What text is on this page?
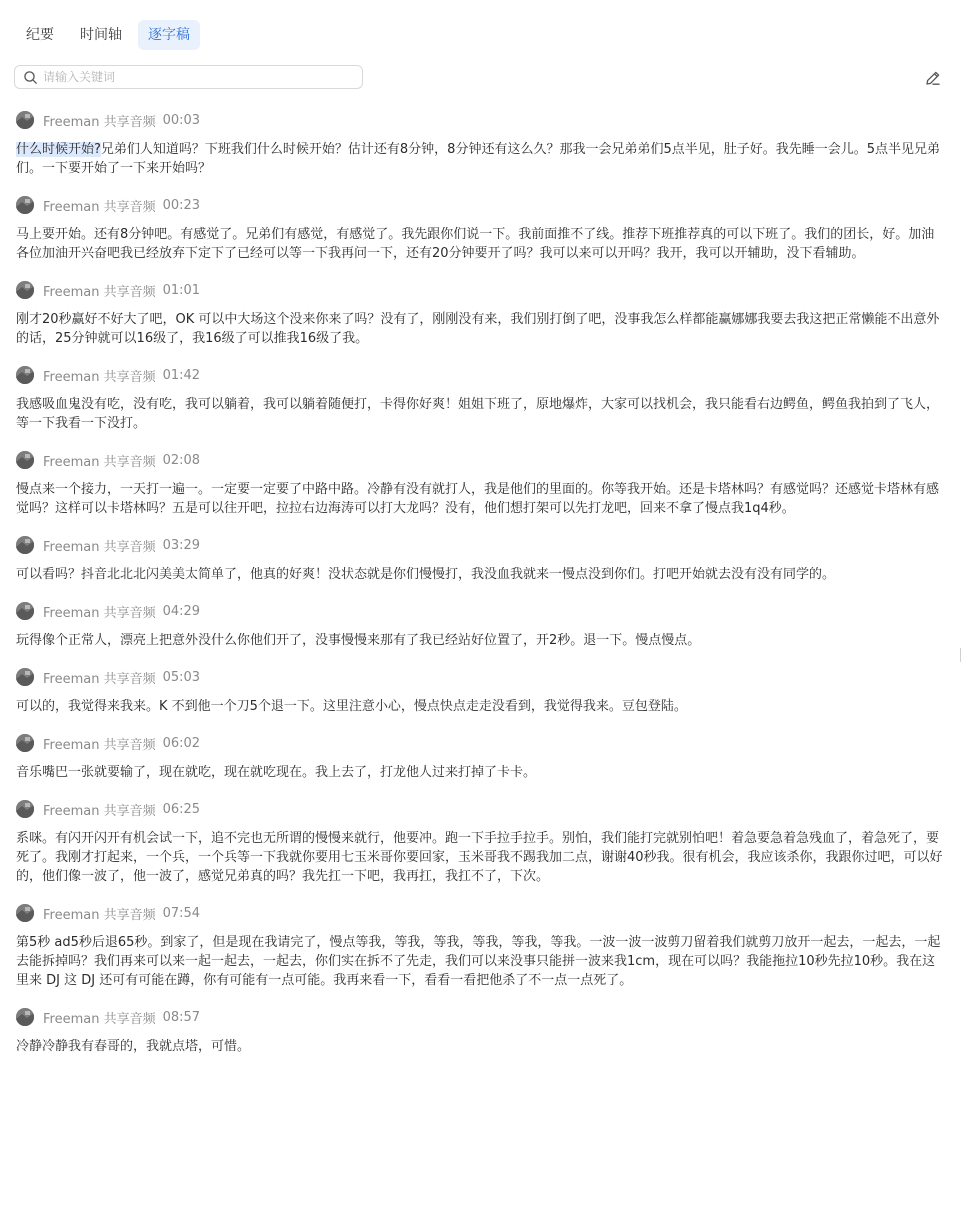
纪要	时间轴	逐字稿
请输入关键词
Freeman 共享音频 00:03

什么时候开始?兄弟们人知道吗？下班我们什么时候开始？估计还有8分钟，8分钟还有这么久？那我一会兄弟弟们5点半见，肚子好。我先睡一会儿。5点半见兄弟们。一下要开始了一下来开始吗？

Freeman 共享音频 00:23

马上要开始。还有8分钟吧。有感觉了。兄弟们有感觉，有感觉了。我先跟你们说一下。我前面推不了线。推荐下班推荐真的可以下班了。我们的团长，好。加油各位加油开兴奋吧我已经放弃下定下了已经可以等一下我再问一下，还有20分钟要开了吗？我可以来可以开吗？我开，我可以开辅助，没下看辅助。

Freeman 共享音频 01:01

刚才20秒赢好不好大了吧，OK 可以中大场这个没来你来了吗？没有了，刚刚没有来，我们别打倒了吧，没事我怎么样都能赢娜娜我要去我这把正常懒能不出意外的话，25分钟就可以16级了，我16级了可以推我16级了我。

Freeman 共享音频 01:42

我感吸血鬼没有吃，没有吃，我可以躺着，我可以躺着随便打，卡得你好爽！姐姐下班了，原地爆炸，大家可以找机会，我只能看右边鳄鱼，鳄鱼我拍到了飞人，等一下我看一下没打。

Freeman 共享音频 02:08

慢点来一个接力，一天打一遍一。一定要一定要了中路中路。冷静有没有就打人，我是他们的里面的。你等我开始。还是卡塔林吗？有感觉吗？还感觉卡塔林有感觉吗？这样可以卡塔林吗？五是可以往开吧，拉拉右边海涛可以打大龙吗？没有，他们想打架可以先打龙吧，回来不拿了慢点我1q4秒。

Freeman 共享音频 03:29

可以看吗？抖音北北北闪美美太简单了，他真的好爽！没状态就是你们慢慢打，我没血我就来一慢点没到你们。打吧开始就去没有没有同学的。

Freeman 共享音频 04:29

玩得像个正常人，漂亮上把意外没什么你他们开了，没事慢慢来那有了我已经站好位置了，开2秒。退一下。慢点慢点。

Freeman 共享音频 05:03

可以的，我觉得来我来。K 不到他一个刀5个退一下。这里注意小心，慢点快点走走没看到，我觉得我来。豆包登陆。

Freeman 共享音频 06:02

音乐嘴巴一张就要输了，现在就吃，现在就吃现在。我上去了，打龙他人过来打掉了卡卡。

Freeman 共享音频 06:25

系咪。有闪开闪开有机会试一下，追不完也无所谓的慢慢来就行，他要冲。跑一下手拉手拉手。别怕，我们能打完就别怕吧！着急要急着急残血了，着急死了，要死了。我刚才打起来，一个兵，一个兵等一下我就你要用七玉米哥你要回家，玉米哥我不踢我加二点，谢谢40秒我。很有机会，我应该杀你，我跟你过吧，可以好的，他们像一波了，他一波了，感觉兄弟真的吗？我先扛一下吧，我再扛，我扛不了，下次。

Freeman 共享音频 07:54

第5秒 ad5秒后退65秒。到家了，但是现在我请完了，慢点等我，等我，等我，等我，等我，等我。一波一波一波剪刀留着我们就剪刀放开一起去，一起去，一起去能拆掉吗？我们再来可以来一起一起去，一起去，你们实在拆不了先走，我们可以来没事只能拼一波来我1cm，现在可以吗？我能拖拉10秒先拉10秒。我在这里来 DJ 这 DJ 还可有可能在蹲，你有可能有一点可能。我再来看一下，看看一看把他杀了不一点一点死了。

Freeman 共享音频 08:57

冷静冷静我有春哥的，我就点塔，可惜。
